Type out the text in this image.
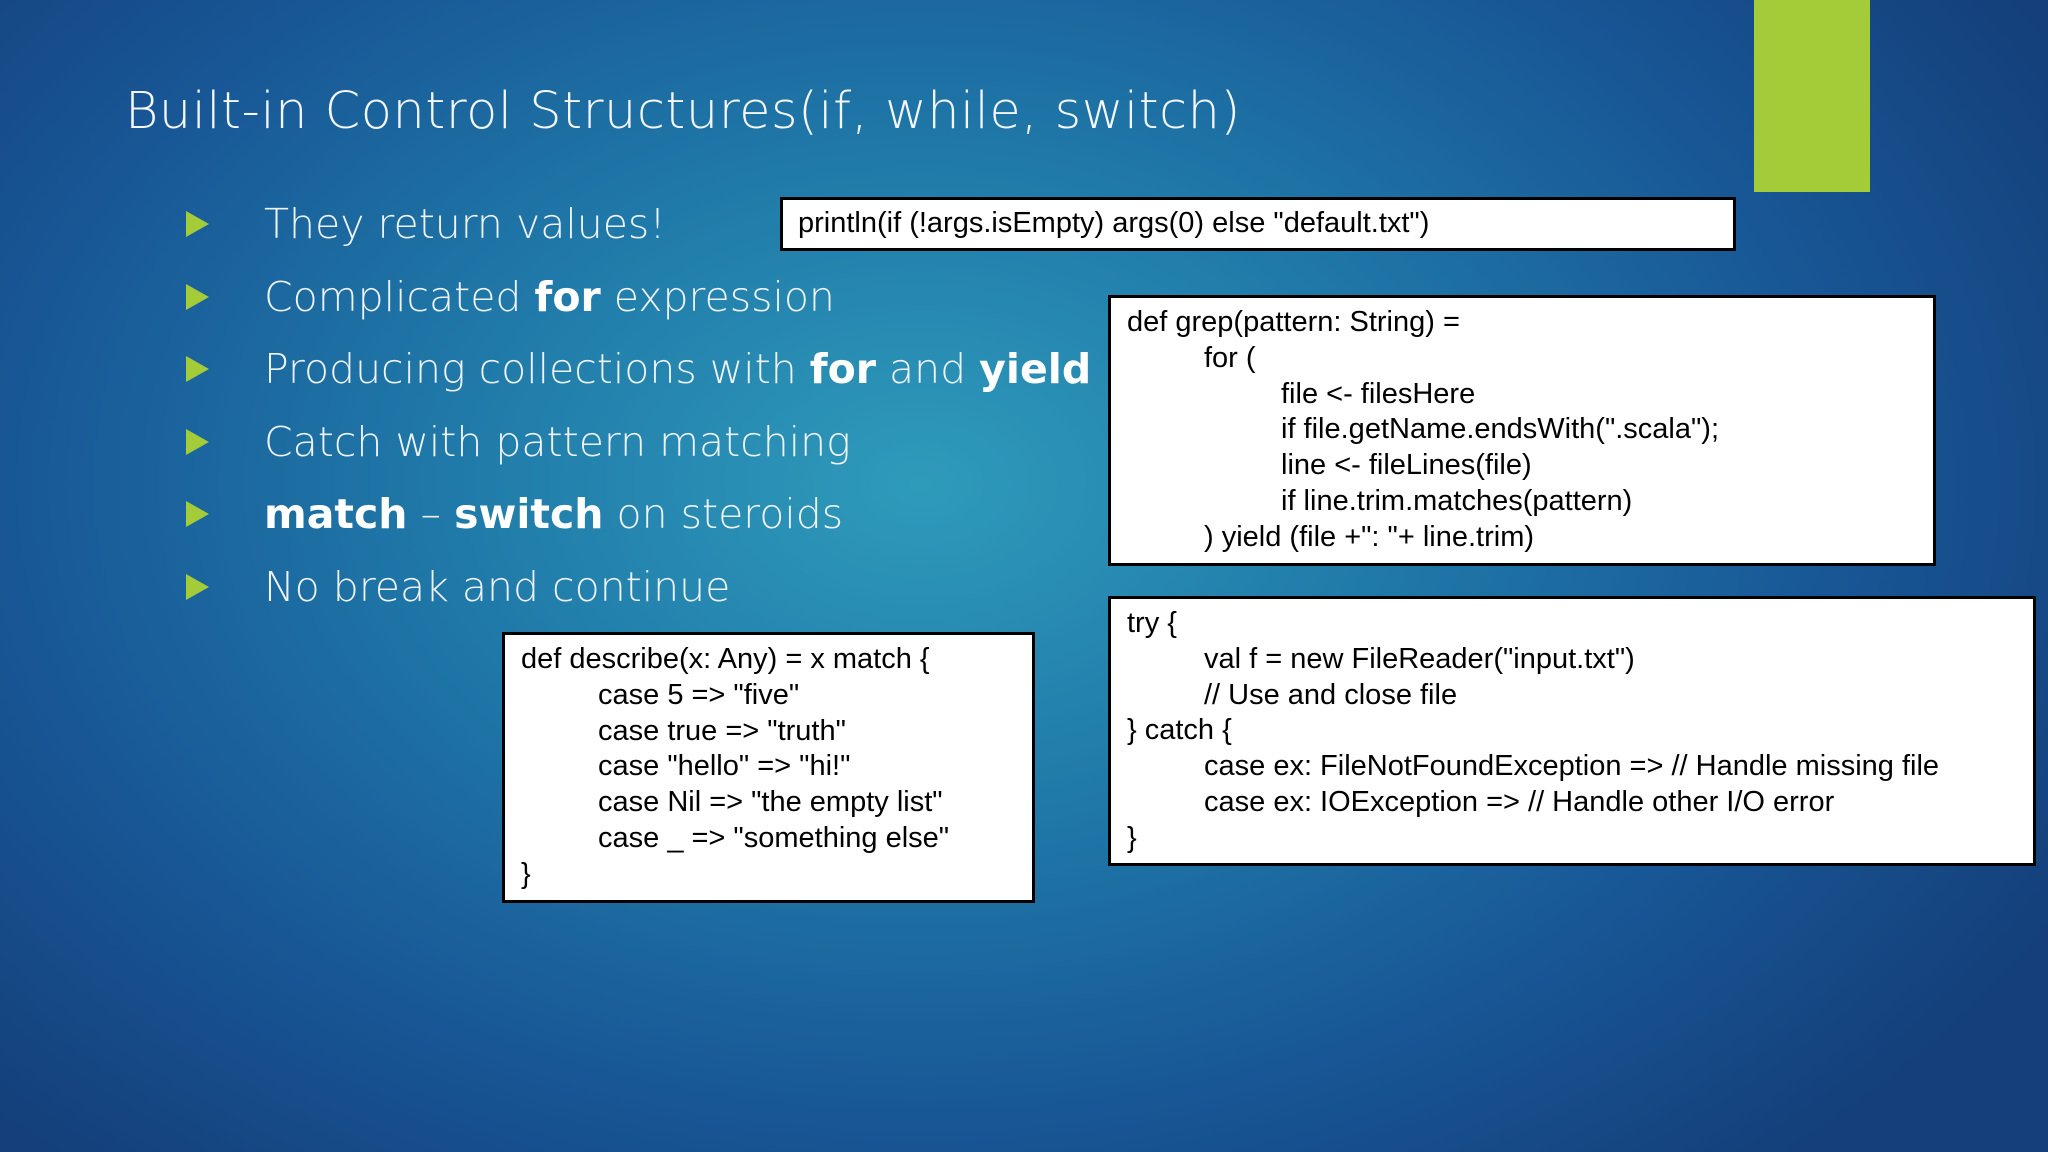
Built-in Control Structures(if, while, switch)
They return values!
Complicated for expression
Producing collections with for and yield
Catch with pattern matching
match – switch on steroids
No break and continue
println(if (!args.isEmpty) args(0) else "default.txt")
def grep(pattern: String) =
for (
file <- filesHere
if file.getName.endsWith(".scala");
line <- fileLines(file)
if line.trim.matches(pattern)
) yield (file +": "+ line.trim)
def describe(x: Any) = x match {
case 5 => "five"
case true => "truth"
case "hello" => "hi!"
case Nil => "the empty list"
case _ => "something else"
}
try {
val f = new FileReader("input.txt")
// Use and close file
} catch {
case ex: FileNotFoundException => // Handle missing file
case ex: IOException => // Handle other I/O error
}
